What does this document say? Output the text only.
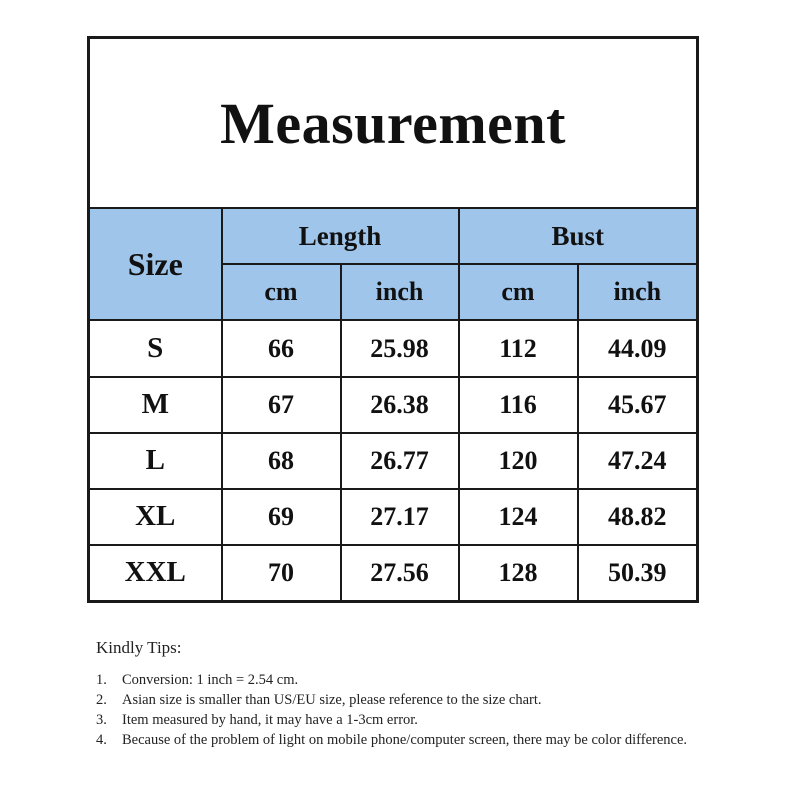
Measurement				
Size	Length		Bust	
	cm	inch	cm	inch
S	66	25.98	112	44.09
M	67	26.38	116	45.67
L	68	26.77	120	47.24
XL	69	27.17	124	48.82
XXL	70	27.56	128	50.39
Kindly Tips:
1.	Conversion: 1 inch = 2.54 cm.
2.	Asian size is smaller than US/EU size, please reference to the size chart.
3.	Item measured by hand, it may have a 1-3cm error.
4.	Because of the problem of light on mobile phone/computer screen, there may be color difference.
